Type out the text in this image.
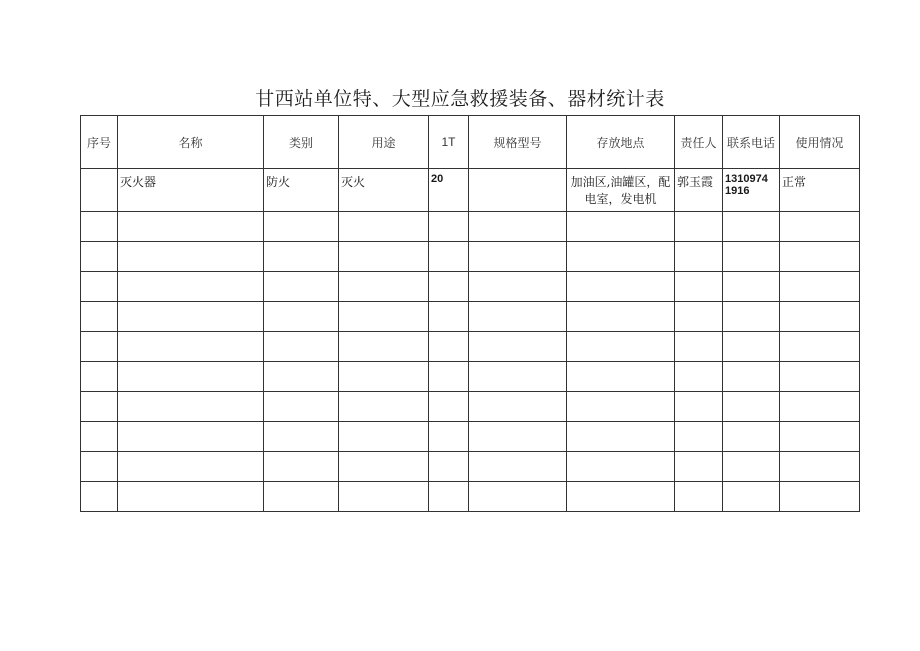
甘西站单位特、大型应急救援装备、器材统计表
序号	名称	类别	用途	1T	规格型号	存放地点	责任人	联系电话	使用情况
	灭火器	防火	灭火	20		加油区,油罐区，配电室，发电机	郭玉霞	1310974 1916	正常
